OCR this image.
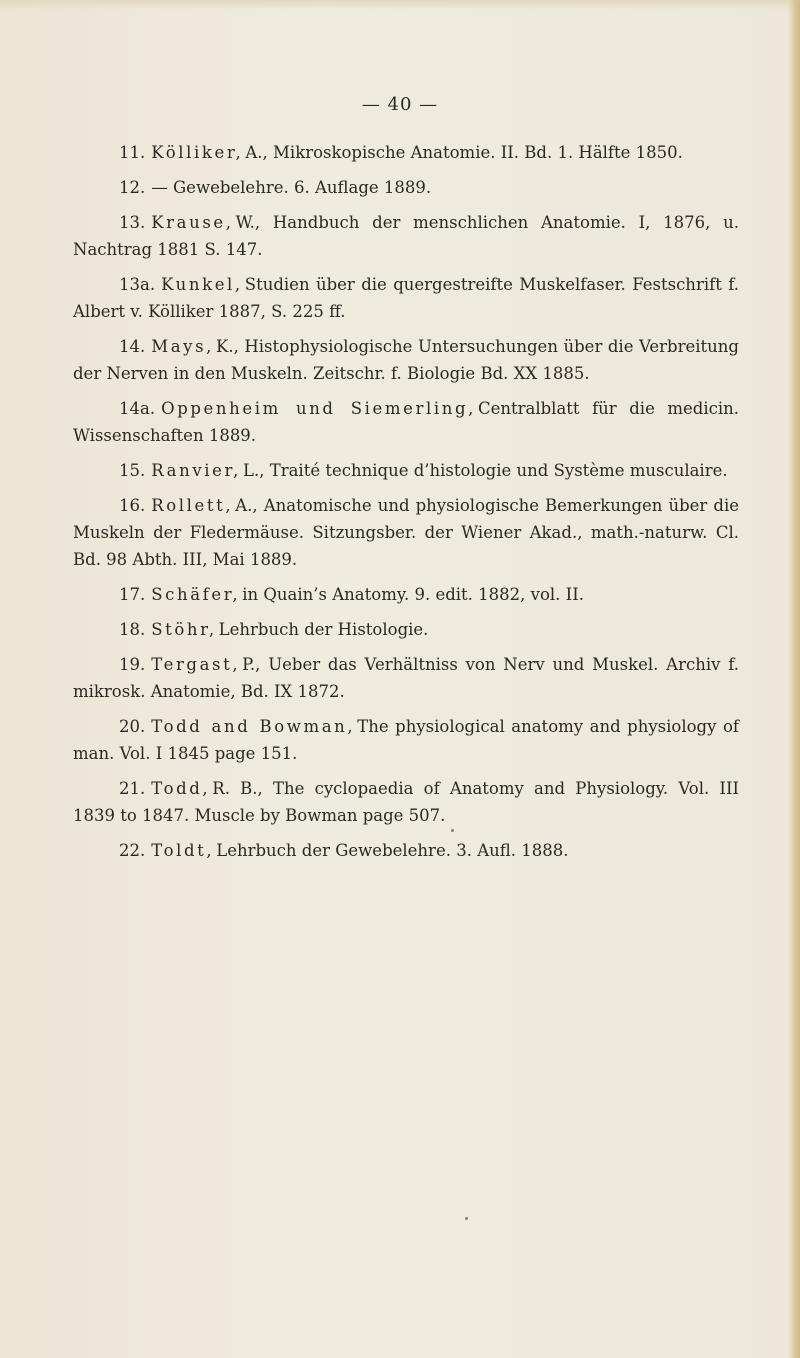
— 40 —

11. Kölliker, A., Mikroskopische Anatomie. II. Bd. 1. Hälfte 1850.

12. — Gewebelehre. 6. Auflage 1889.

13. Krause, W., Handbuch der menschlichen Anatomie. I, 1876, u. Nachtrag 1881 S. 147.

13a. Kunkel, Studien über die quergestreifte Muskelfaser. Festschrift f. Albert v. Kölliker 1887, S. 225 ff.

14. Mays, K., Histophysiologische Untersuchungen über die Verbreitung der Nerven in den Muskeln. Zeitschr. f. Biologie Bd. XX 1885.

14a. Oppenheim und Siemerling, Centralblatt für die medicin. Wissenschaften 1889.

15. Ranvier, L., Traité technique d’histologie und Système musculaire.

16. Rollett, A., Anatomische und physiologische Bemerkungen über die Muskeln der Fledermäuse. Sitzungsber. der Wiener Akad., math.-naturw. Cl. Bd. 98 Abth. III, Mai 1889.

17. Schäfer, in Quain’s Anatomy. 9. edit. 1882, vol. II.

18. Stöhr, Lehrbuch der Histologie.

19. Tergast, P., Ueber das Verhältniss von Nerv und Muskel. Archiv f. mikrosk. Anatomie, Bd. IX 1872.

20. Todd and Bowman, The physiological anatomy and physiology of man. Vol. I 1845 page 151.

21. Todd, R. B., The cyclopaedia of Anatomy and Physiology. Vol. III 1839 to 1847. Muscle by Bowman page 507.

22. Toldt, Lehrbuch der Gewebelehre. 3. Aufl. 1888.
